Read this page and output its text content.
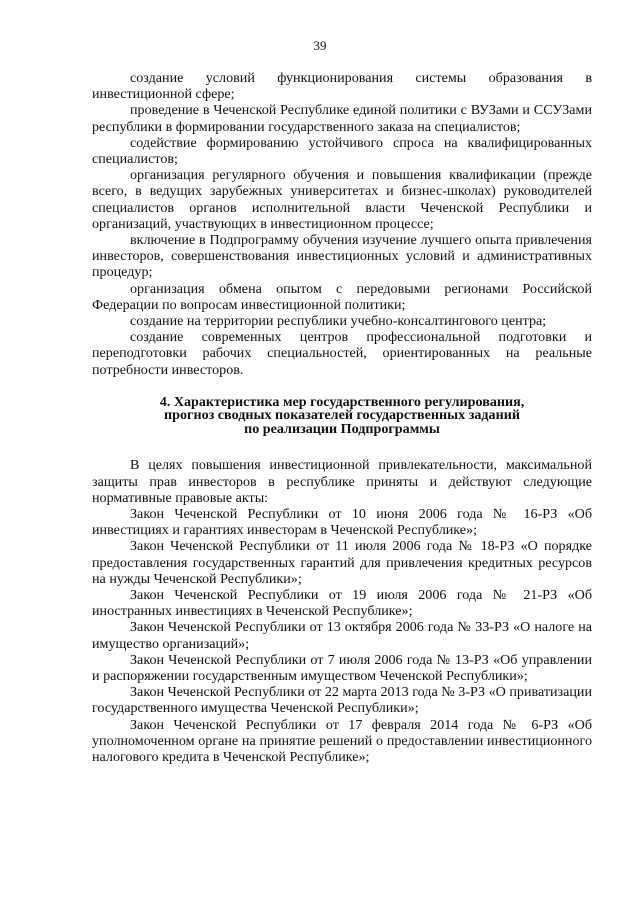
39

создание условий функционирования системы образования в инвестиционной сфере;

проведение в Чеченской Республике единой политики с ВУЗами и ССУЗами республики в формировании государственного заказа на специалистов;

содействие формированию устойчивого спроса на квалифицированных специалистов;

организация регулярного обучения и повышения квалификации (прежде всего, в ведущих зарубежных университетах и бизнес-школах) руководителей специалистов органов исполнительной власти Чеченской Республики и организаций, участвующих в инвестиционном процессе;

включение в Подпрограмму обучения изучение лучшего опыта привлечения инвесторов, совершенствования инвестиционных условий и административных процедур;

организация обмена опытом с передовыми регионами Российской Федерации по вопросам инвестиционной политики;

создание на территории республики учебно-консалтингового центра;

создание современных центров профессиональной подготовки и переподготовки рабочих специальностей, ориентированных на реальные потребности инвесторов.

4. Характеристика мер государственного регулирования,
прогноз сводных показателей государственных заданий
по реализации Подпрограммы

В целях повышения инвестиционной привлекательности, максимальной защиты прав инвесторов в республике приняты и действуют следующие нормативные правовые акты:

Закон Чеченской Республики от 10 июня 2006 года № 16-РЗ «Об инвестициях и гарантиях инвесторам в Чеченской Республике»;

Закон Чеченской Республики от 11 июля 2006 года № 18-РЗ «О порядке предоставления государственных гарантий для привлечения кредитных ресурсов на нужды Чеченской Республики»;

Закон Чеченской Республики от 19 июля 2006 года № 21-РЗ «Об иностранных инвестициях в Чеченской Республике»;

Закон Чеченской Республики от 13 октября 2006 года № 33-РЗ «О налоге на имущество организаций»;

Закон Чеченской Республики от 7 июля 2006 года № 13-РЗ «Об управлении и распоряжении государственным имуществом Чеченской Республики»;

Закон Чеченской Республики от 22 марта 2013 года № 3-РЗ «О приватизации государственного имущества Чеченской Республики»;

Закон Чеченской Республики от 17 февраля 2014 года № 6-РЗ «Об уполномоченном органе на принятие решений о предоставлении инвестиционного налогового кредита в Чеченской Республике»;
